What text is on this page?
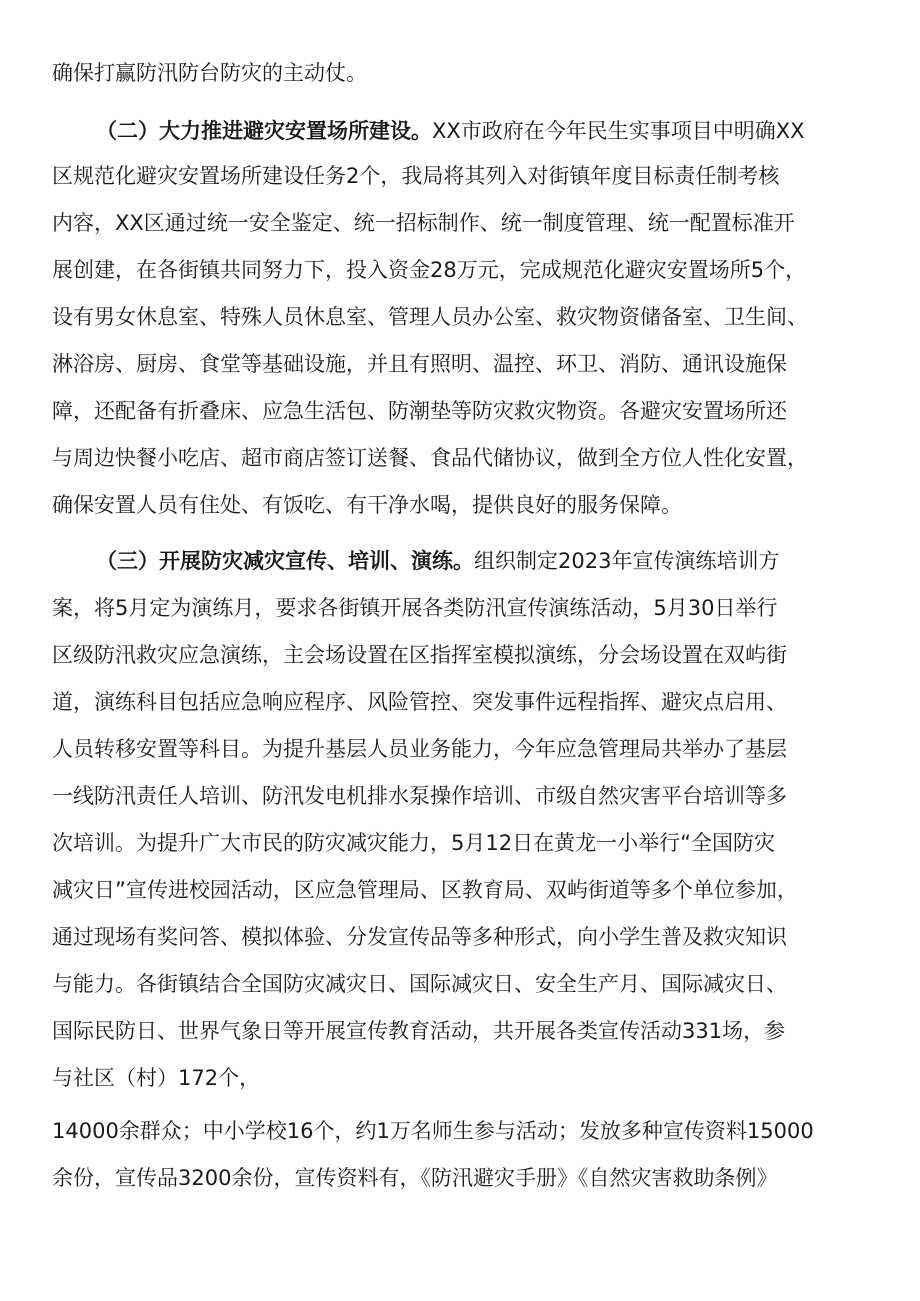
确保打赢防汛防台防灾的主动仗。
（二）大力推进避灾安置场所建设。XX市政府在今年民生实事项目中明确XX
区规范化避灾安置场所建设任务2个，我局将其列入对街镇年度目标责任制考核
内容，XX区通过统一安全鉴定、统一招标制作、统一制度管理、统一配置标准开
展创建，在各街镇共同努力下，投入资金28万元，完成规范化避灾安置场所5个，
设有男女休息室、特殊人员休息室、管理人员办公室、救灾物资储备室、卫生间、
淋浴房、厨房、食堂等基础设施，并且有照明、温控、环卫、消防、通讯设施保
障，还配备有折叠床、应急生活包、防潮垫等防灾救灾物资。各避灾安置场所还
与周边快餐小吃店、超市商店签订送餐、食品代储协议，做到全方位人性化安置，
确保安置人员有住处、有饭吃、有干净水喝，提供良好的服务保障。
（三）开展防灾减灾宣传、培训、演练。组织制定2023年宣传演练培训方
案，将5月定为演练月，要求各街镇开展各类防汛宣传演练活动，5月30日举行
区级防汛救灾应急演练，主会场设置在区指挥室模拟演练，分会场设置在双屿街
道，演练科目包括应急响应程序、风险管控、突发事件远程指挥、避灾点启用、
人员转移安置等科目。为提升基层人员业务能力，今年应急管理局共举办了基层
一线防汛责任人培训、防汛发电机排水泵操作培训、市级自然灾害平台培训等多
次培训。为提升广大市民的防灾减灾能力，5月12日在黄龙一小举行“全国防灾
减灾日”宣传进校园活动，区应急管理局、区教育局、双屿街道等多个单位参加，
通过现场有奖问答、模拟体验、分发宣传品等多种形式，向小学生普及救灾知识
与能力。各街镇结合全国防灾减灾日、国际减灾日、安全生产月、国际减灾日、
国际民防日、世界气象日等开展宣传教育活动，共开展各类宣传活动331场，参
与社区（村）172个，
14000余群众；中小学校16个，约1万名师生参与活动；发放多种宣传资料15000
余份，宣传品3200余份，宣传资料有，《防汛避灾手册》《自然灾害救助条例》
